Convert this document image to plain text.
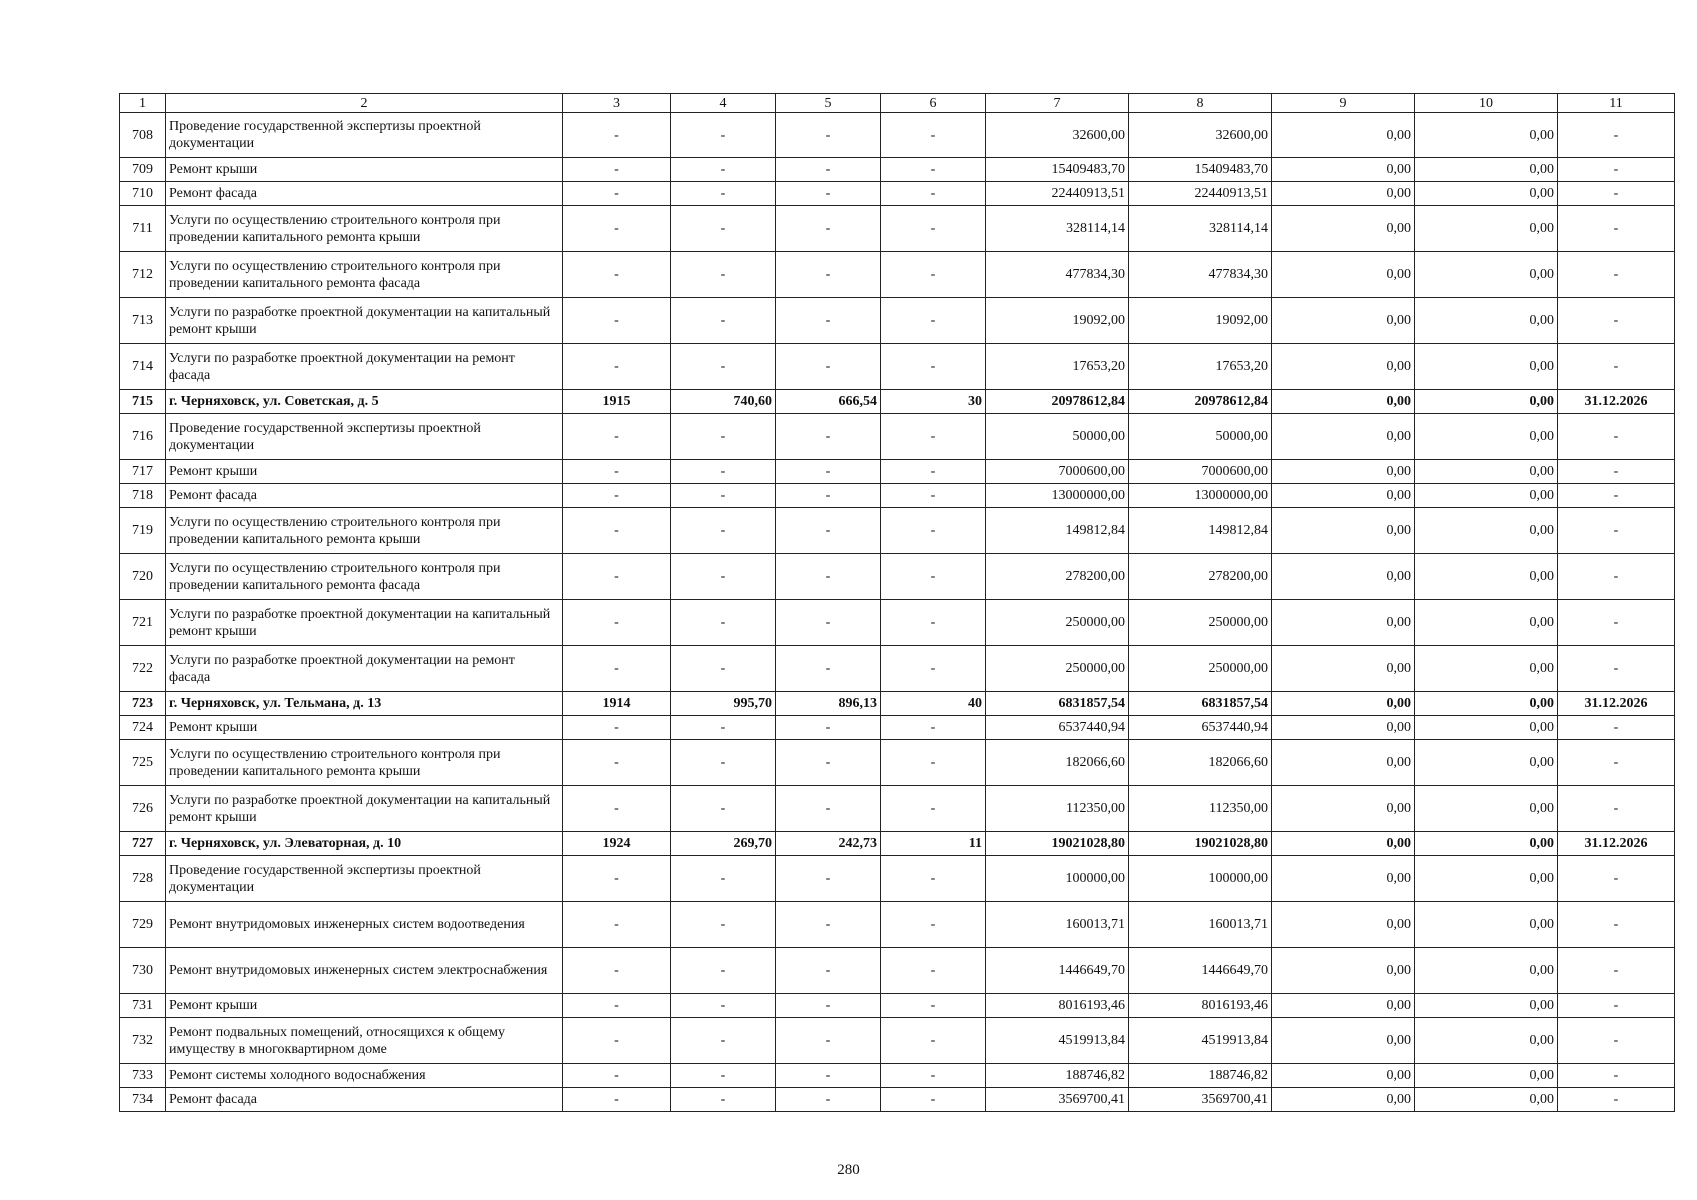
1	2	3	4	5	6	7	8	9	10	11
708	Проведение государственной экспертизы проектной документации	-	-	-	-	32600,00	32600,00	0,00	0,00	-
709	Ремонт крыши	-	-	-	-	15409483,70	15409483,70	0,00	0,00	-
710	Ремонт фасада	-	-	-	-	22440913,51	22440913,51	0,00	0,00	-
711	Услуги по осуществлению строительного контроля при проведении капитального ремонта крыши	-	-	-	-	328114,14	328114,14	0,00	0,00	-
712	Услуги по осуществлению строительного контроля при проведении капитального ремонта фасада	-	-	-	-	477834,30	477834,30	0,00	0,00	-
713	Услуги по разработке проектной документации на капитальный ремонт крыши	-	-	-	-	19092,00	19092,00	0,00	0,00	-
714	Услуги по разработке проектной документации на ремонт фасада	-	-	-	-	17653,20	17653,20	0,00	0,00	-
715	г. Черняховск, ул. Советская, д. 5	1915	740,60	666,54	30	20978612,84	20978612,84	0,00	0,00	31.12.2026
716	Проведение государственной экспертизы проектной документации	-	-	-	-	50000,00	50000,00	0,00	0,00	-
717	Ремонт крыши	-	-	-	-	7000600,00	7000600,00	0,00	0,00	-
718	Ремонт фасада	-	-	-	-	13000000,00	13000000,00	0,00	0,00	-
719	Услуги по осуществлению строительного контроля при проведении капитального ремонта крыши	-	-	-	-	149812,84	149812,84	0,00	0,00	-
720	Услуги по осуществлению строительного контроля при проведении капитального ремонта фасада	-	-	-	-	278200,00	278200,00	0,00	0,00	-
721	Услуги по разработке проектной документации на капитальный ремонт крыши	-	-	-	-	250000,00	250000,00	0,00	0,00	-
722	Услуги по разработке проектной документации на ремонт фасада	-	-	-	-	250000,00	250000,00	0,00	0,00	-
723	г. Черняховск, ул. Тельмана, д. 13	1914	995,70	896,13	40	6831857,54	6831857,54	0,00	0,00	31.12.2026
724	Ремонт крыши	-	-	-	-	6537440,94	6537440,94	0,00	0,00	-
725	Услуги по осуществлению строительного контроля при проведении капитального ремонта крыши	-	-	-	-	182066,60	182066,60	0,00	0,00	-
726	Услуги по разработке проектной документации на капитальный ремонт крыши	-	-	-	-	112350,00	112350,00	0,00	0,00	-
727	г. Черняховск, ул. Элеваторная, д. 10	1924	269,70	242,73	11	19021028,80	19021028,80	0,00	0,00	31.12.2026
728	Проведение государственной экспертизы проектной документации	-	-	-	-	100000,00	100000,00	0,00	0,00	-
729	Ремонт внутридомовых инженерных систем водоотведения	-	-	-	-	160013,71	160013,71	0,00	0,00	-
730	Ремонт внутридомовых инженерных систем электроснабжения	-	-	-	-	1446649,70	1446649,70	0,00	0,00	-
731	Ремонт крыши	-	-	-	-	8016193,46	8016193,46	0,00	0,00	-
732	Ремонт подвальных помещений, относящихся к общему имуществу в многоквартирном доме	-	-	-	-	4519913,84	4519913,84	0,00	0,00	-
733	Ремонт системы холодного водоснабжения	-	-	-	-	188746,82	188746,82	0,00	0,00	-
734	Ремонт фасада	-	-	-	-	3569700,41	3569700,41	0,00	0,00	-
280
